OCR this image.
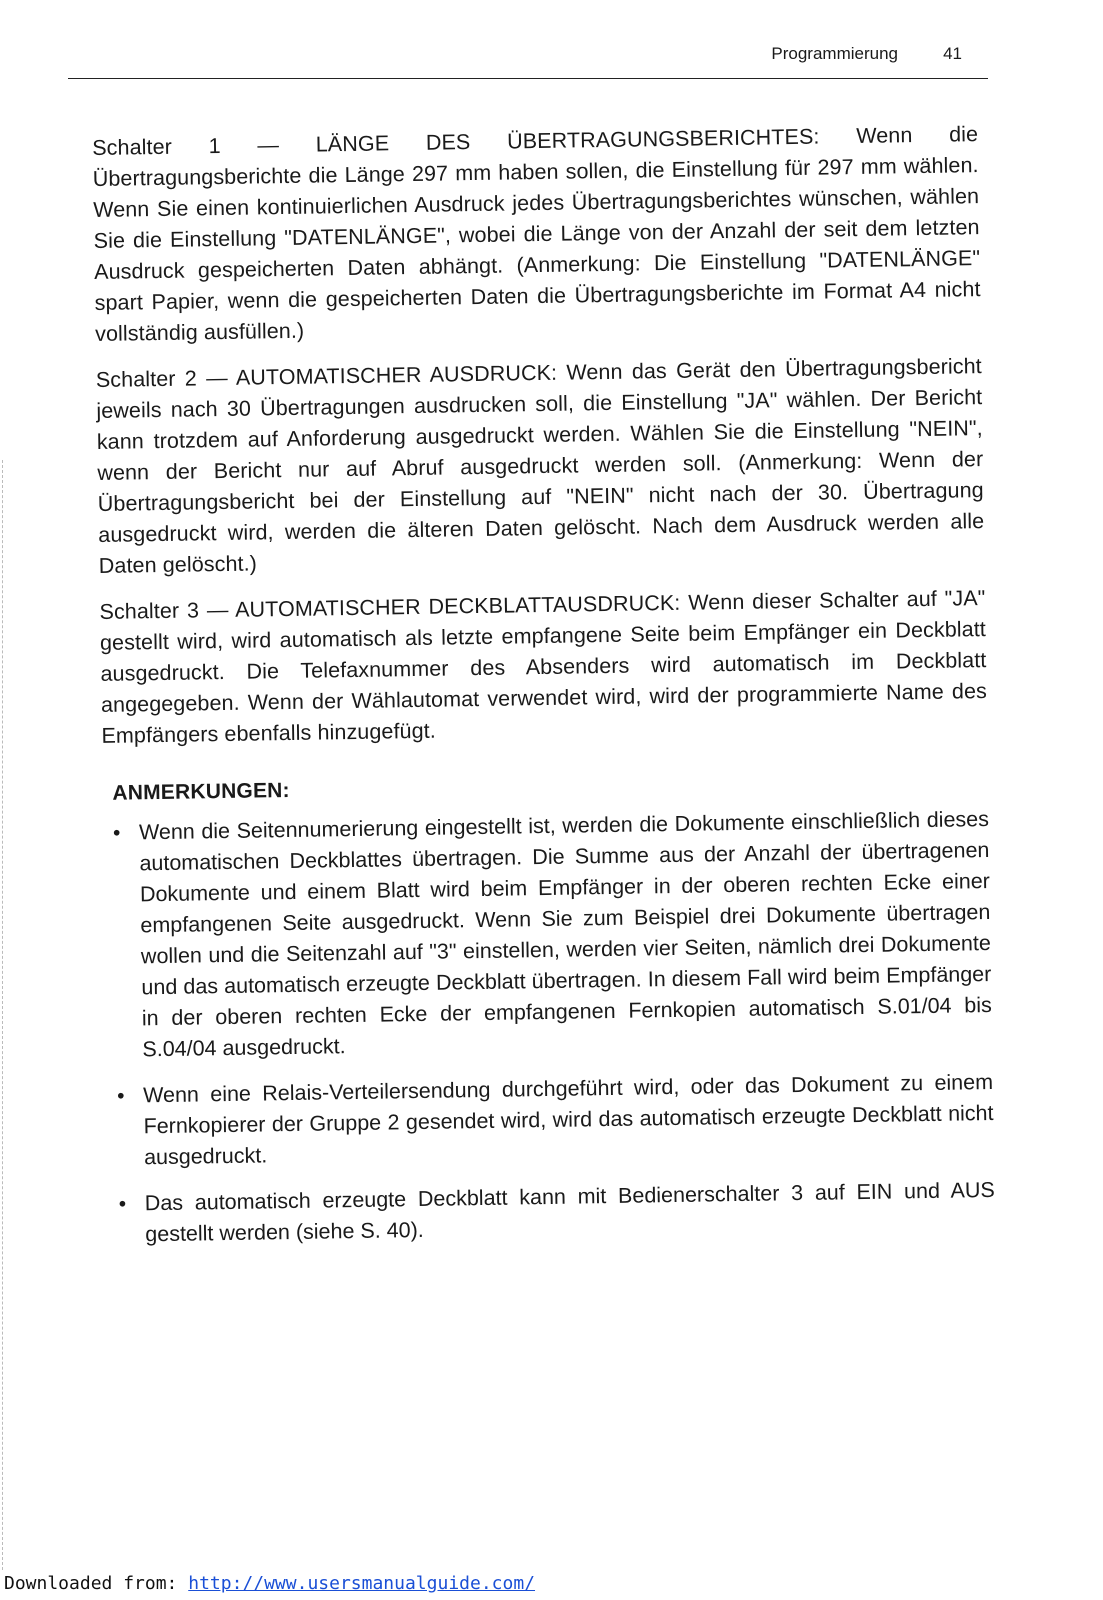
Programmierung	41

Schalter 1 — LÄNGE DES ÜBERTRAGUNGSBERICHTES: Wenn die Übertragungsberichte die Länge 297 mm haben sollen, die Einstellung für 297 mm wählen. Wenn Sie einen kontinuierlichen Ausdruck jedes Übertragungsberichtes wünschen, wählen Sie die Einstellung "DATENLÄNGE", wobei die Länge von der Anzahl der seit dem letzten Ausdruck gespeicherten Daten abhängt. (Anmerkung: Die Einstellung "DATENLÄNGE" spart Papier, wenn die gespeicherten Daten die Übertragungsberichte im Format A4 nicht vollständig ausfüllen.)

Schalter 2 — AUTOMATISCHER AUSDRUCK: Wenn das Gerät den Übertragungsbericht jeweils nach 30 Übertragungen ausdrucken soll, die Einstellung "JA" wählen. Der Bericht kann trotzdem auf Anforderung ausgedruckt werden. Wählen Sie die Einstellung "NEIN", wenn der Bericht nur auf Abruf ausgedruckt werden soll. (Anmerkung: Wenn der Übertragungsbericht bei der Einstellung auf "NEIN" nicht nach der 30. Übertragung ausgedruckt wird, werden die älteren Daten gelöscht. Nach dem Ausdruck werden alle Daten gelöscht.)

Schalter 3 — AUTOMATISCHER DECKBLATTAUSDRUCK: Wenn dieser Schalter auf "JA" gestellt wird, wird automatisch als letzte empfangene Seite beim Empfänger ein Deckblatt ausgedruckt. Die Telefaxnummer des Absenders wird automatisch im Deckblatt angegegeben. Wenn der Wählautomat verwendet wird, wird der programmierte Name des Empfängers ebenfalls hinzugefügt.

ANMERKUNGEN:
• Wenn die Seitennumerierung eingestellt ist, werden die Dokumente einschließlich dieses automatischen Deckblattes übertragen. Die Summe aus der Anzahl der übertragenen Dokumente und einem Blatt wird beim Empfänger in der oberen rechten Ecke einer empfangenen Seite ausgedruckt. Wenn Sie zum Beispiel drei Dokumente übertragen wollen und die Seitenzahl auf "3" einstellen, werden vier Seiten, nämlich drei Dokumente und das automatisch erzeugte Deckblatt übertragen. In diesem Fall wird beim Empfänger in der oberen rechten Ecke der empfangenen Fernkopien automatisch S.01/04 bis S.04/04 ausgedruckt.
• Wenn eine Relais-Verteilersendung durchgeführt wird, oder das Dokument zu einem Fernkopierer der Gruppe 2 gesendet wird, wird das automatisch erzeugte Deckblatt nicht ausgedruckt.
• Das automatisch erzeugte Deckblatt kann mit Bedienerschalter 3 auf EIN und AUS gestellt werden (siehe S. 40).
Downloaded from: http://www.usersmanualguide.com/
